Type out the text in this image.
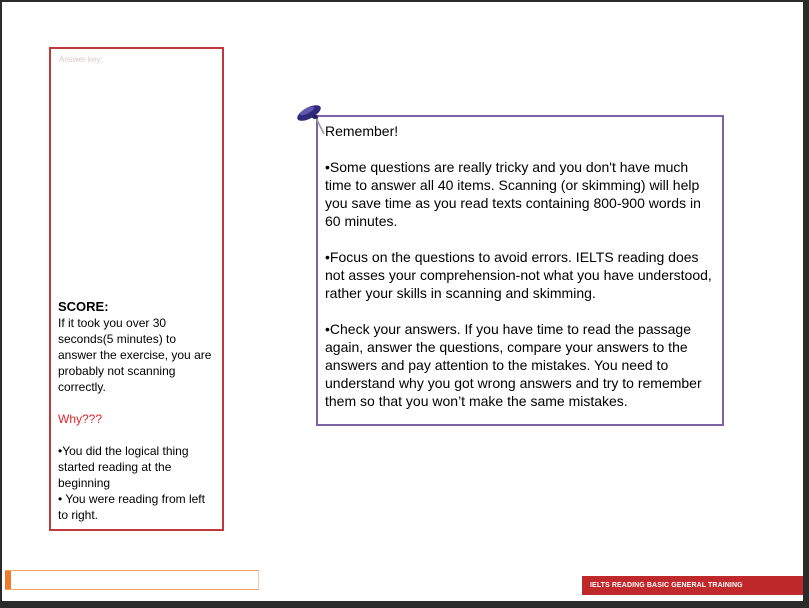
Answer key:
SCORE:
If it took you over 30 seconds(5 minutes) to answer the exercise, you are probably not scanning correctly.
Why???
•You did the logical thing started reading at the beginning
• You were reading from left to right.

Remember!

•Some questions are really tricky and you don't have much time to answer all 40 items. Scanning (or skimming) will help you save time as you read texts containing 800-900 words in 60 minutes.

•Focus on the questions to avoid errors. IELTS reading does not asses your comprehension-not what you have understood, rather your skills in scanning and skimming.

•Check your answers. If you have time to read the passage again, answer the questions, compare your answers to the answers and pay attention to the mistakes. You need to understand why you got wrong answers and try to remember them so that you won’t make the same mistakes.

IELTS READING BASIC GENERAL TRAINING
